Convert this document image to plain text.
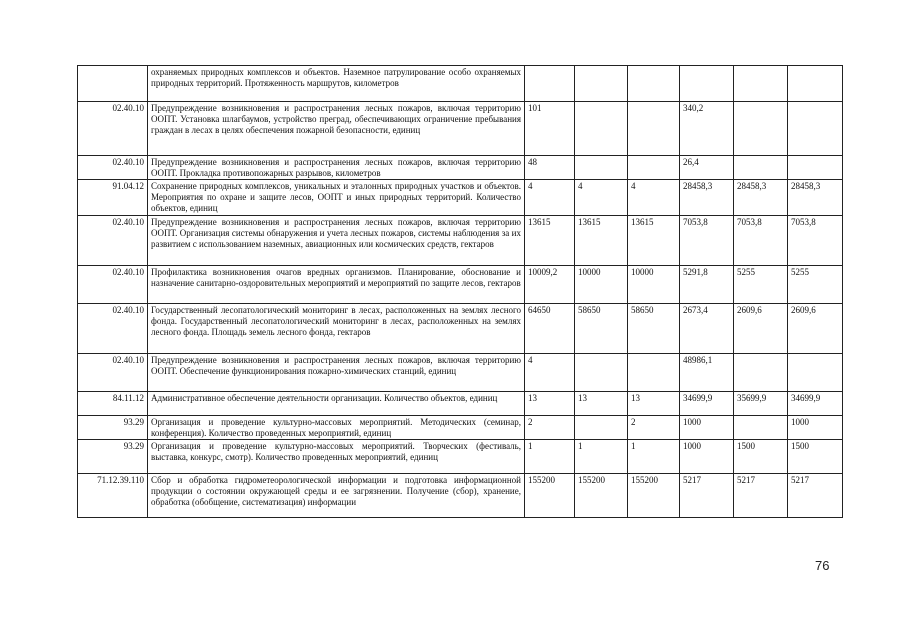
	охраняемых природных комплексов и объектов. Наземное патрулирование особо охраняемых природных территорий. Протяженность маршрутов, километров						
02.40.10	Предупреждение возникновения и распространения лесных пожаров, включая территорию ООПТ. Установка шлагбаумов, устройство преград, обеспечивающих ограничение пребывания граждан в лесах в целях обеспечения пожарной безопасности, единиц	101			340,2		
02.40.10	Предупреждение возникновения и распространения лесных пожаров, включая территорию ООПТ. Прокладка противопожарных разрывов, километров	48			26,4		
91.04.12	Сохранение природных комплексов, уникальных и эталонных природных участков и объектов. Мероприятия по охране и защите лесов, ООПТ и иных природных территорий. Количество объектов, единиц	4	4	4	28458,3	28458,3	28458,3
02.40.10	Предупреждение возникновения и распространения лесных пожаров, включая территорию ООПТ. Организация системы обнаружения и учета лесных пожаров, системы наблюдения за их развитием с использованием наземных, авиационных или космических средств, гектаров	13615	13615	13615	7053,8	7053,8	7053,8
02.40.10	Профилактика возникновения очагов вредных организмов. Планирование, обоснование и назначение санитарно-оздоровительных мероприятий и мероприятий по защите лесов, гектаров	10009,2	10000	10000	5291,8	5255	5255
02.40.10	Государственный лесопатологический мониторинг в лесах, расположенных на землях лесного фонда. Государственный лесопатологический мониторинг в лесах, расположенных на землях лесного фонда. Площадь земель лесного фонда, гектаров	64650	58650	58650	2673,4	2609,6	2609,6
02.40.10	Предупреждение возникновения и распространения лесных пожаров, включая территорию ООПТ. Обеспечение функционирования пожарно-химических станций, единиц	4			48986,1		
84.11.12	Административное обеспечение деятельности организации. Количество объектов, единиц	13	13	13	34699,9	35699,9	34699,9
93.29	Организация и проведение культурно-массовых мероприятий. Методических (семинар, конференция). Количество проведенных мероприятий, единиц	2		2	1000		1000
93.29	Организация и проведение культурно-массовых мероприятий. Творческих (фестиваль, выставка, конкурс, смотр). Количество проведенных мероприятий, единиц	1	1	1	1000	1500	1500
71.12.39.110	Сбор и обработка гидрометеорологической информации и подготовка информационной продукции о состоянии окружающей среды и ее загрязнении. Получение (сбор), хранение, обработка (обобщение, систематизация) информации	155200	155200	155200	5217	5217	5217
76
